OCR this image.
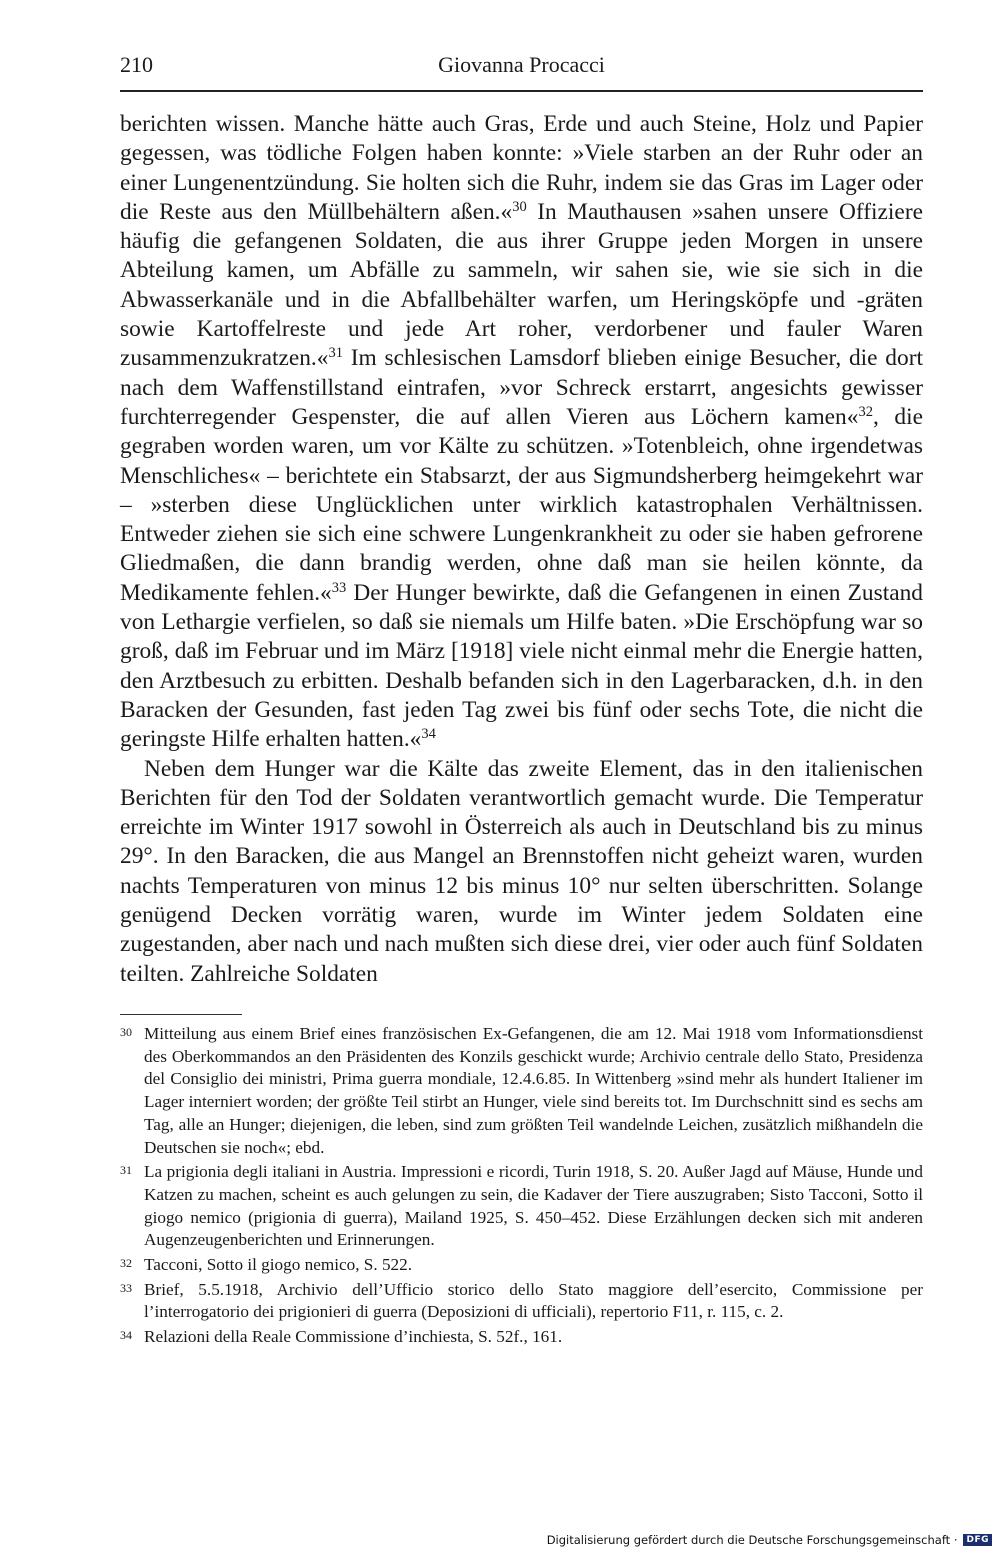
210	Giovanna Procacci

berichten wissen. Manche hätte auch Gras, Erde und auch Steine, Holz und Papier gegessen, was tödliche Folgen haben konnte: »Viele starben an der Ruhr oder an einer Lungenentzündung. Sie holten sich die Ruhr, indem sie das Gras im Lager oder die Reste aus den Müllbehältern aßen.«$^{30}$ In Mauthausen »sahen unsere Offiziere häufig die gefangenen Soldaten, die aus ihrer Gruppe jeden Morgen in unsere Abteilung kamen, um Abfälle zu sammeln, wir sahen sie, wie sie sich in die Abwasserkanäle und in die Abfallbehälter warfen, um Heringsköpfe und -gräten sowie Kartoffelreste und jede Art roher, verdorbener und fauler Waren zusammenzukratzen.«$^{31}$ Im schlesischen Lamsdorf blieben einige Besucher, die dort nach dem Waffenstillstand eintrafen, »vor Schreck erstarrt, angesichts gewisser furchterregender Gespenster, die auf allen Vieren aus Löchern kamen«$^{32}$, die gegraben worden waren, um vor Kälte zu schützen. »Totenbleich, ohne irgendetwas Menschliches« – berichtete ein Stabsarzt, der aus Sigmundsherberg heimgekehrt war – »sterben diese Unglücklichen unter wirklich katastrophalen Verhältnissen. Entweder ziehen sie sich eine schwere Lungenkrankheit zu oder sie haben gefrorene Gliedmaßen, die dann brandig werden, ohne daß man sie heilen könnte, da Medikamente fehlen.«$^{33}$ Der Hunger bewirkte, daß die Gefangenen in einen Zustand von Lethargie verfielen, so daß sie niemals um Hilfe baten. »Die Erschöpfung war so groß, daß im Februar und im März [1918] viele nicht einmal mehr die Energie hatten, den Arztbesuch zu erbitten. Deshalb befanden sich in den Lagerbaracken, d.h. in den Baracken der Gesunden, fast jeden Tag zwei bis fünf oder sechs Tote, die nicht die geringste Hilfe erhalten hatten.«$^{34}$

Neben dem Hunger war die Kälte das zweite Element, das in den italienischen Berichten für den Tod der Soldaten verantwortlich gemacht wurde. Die Temperatur erreichte im Winter 1917 sowohl in Österreich als auch in Deutschland bis zu minus 29°. In den Baracken, die aus Mangel an Brennstoffen nicht geheizt waren, wurden nachts Temperaturen von minus 12 bis minus 10° nur selten überschritten. Solange genügend Decken vorrätig waren, wurde im Winter jedem Soldaten eine zugestanden, aber nach und nach mußten sich diese drei, vier oder auch fünf Soldaten teilten. Zahlreiche Soldaten

30 Mitteilung aus einem Brief eines französischen Ex-Gefangenen, die am 12. Mai 1918 vom Informationsdienst des Oberkommandos an den Präsidenten des Konzils geschickt wurde; Archivio centrale dello Stato, Presidenza del Consiglio dei ministri, Prima guerra mondiale, 12.4.6.85. In Wittenberg »sind mehr als hundert Italiener im Lager interniert worden; der größte Teil stirbt an Hunger, viele sind bereits tot. Im Durchschnitt sind es sechs am Tag, alle an Hunger; diejenigen, die leben, sind zum größten Teil wandelnde Leichen, zusätzlich mißhandeln die Deutschen sie noch«; ebd.
31 La prigionia degli italiani in Austria. Impressioni e ricordi, Turin 1918, S. 20. Außer Jagd auf Mäuse, Hunde und Katzen zu machen, scheint es auch gelungen zu sein, die Kadaver der Tiere auszugraben; Sisto Tacconi, Sotto il giogo nemico (prigionia di guerra), Mailand 1925, S. 450–452. Diese Erzählungen decken sich mit anderen Augenzeugenberichten und Erinnerungen.
32 Tacconi, Sotto il giogo nemico, S. 522.
33 Brief, 5.5.1918, Archivio dell’Ufficio storico dello Stato maggiore dell’esercito, Commissione per l’interrogatorio dei prigionieri di guerra (Deposizioni di ufficiali), repertorio F11, r. 115, c. 2.
34 Relazioni della Reale Commissione d’inchiesta, S. 52f., 161.
Digitalisierung gefördert durch die Deutsche Forschungsgemeinschaft ·	DFG
